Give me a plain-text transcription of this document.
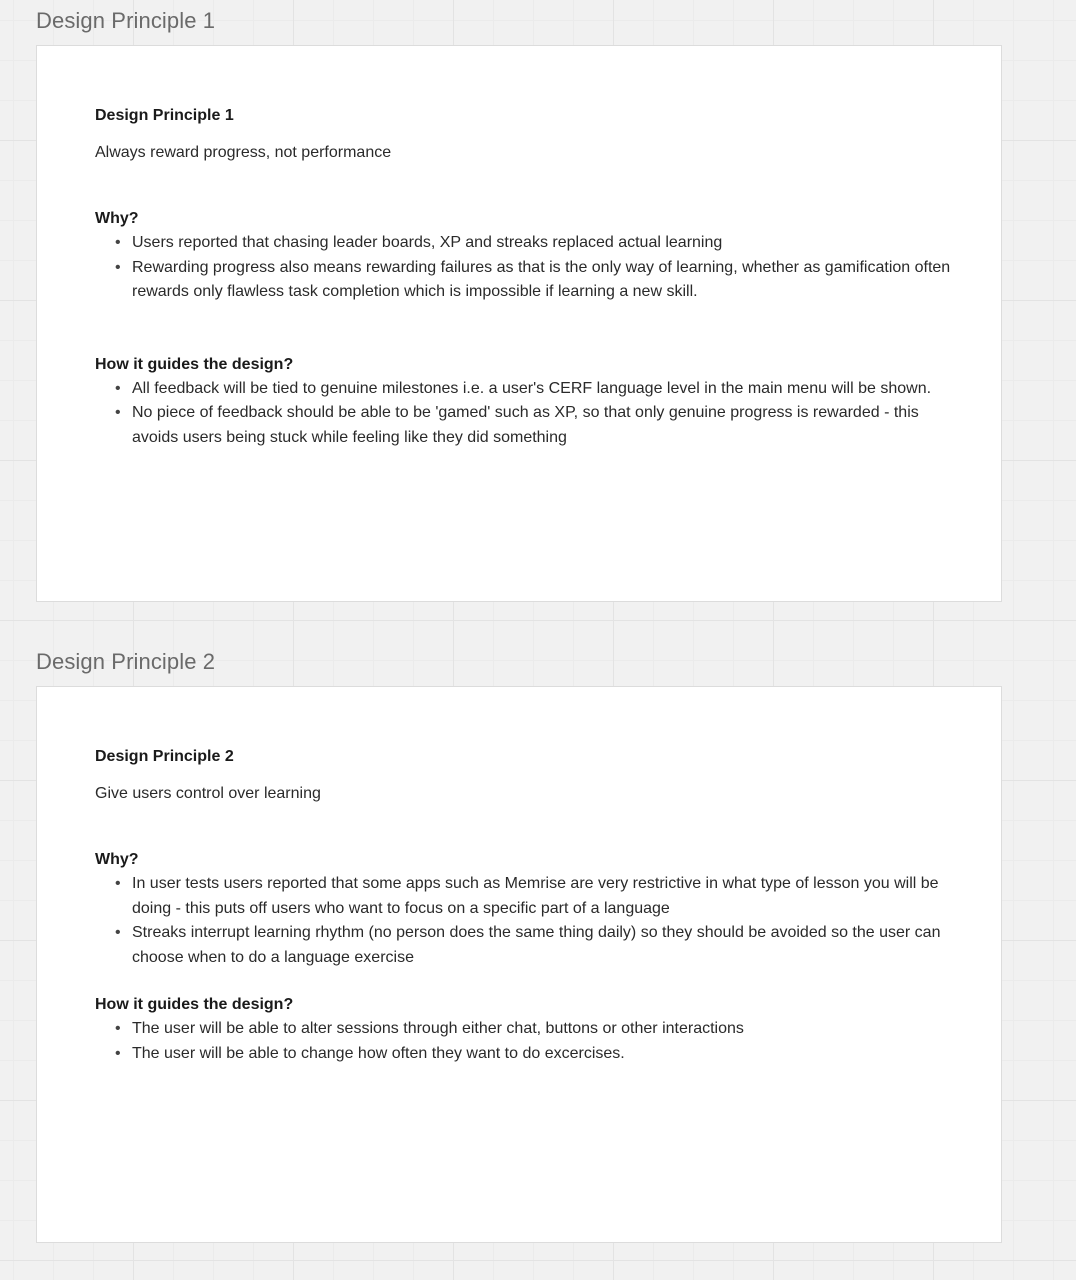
Design Principle 1

Design Principle 1

Always reward progress, not performance

Why?

• Users reported that chasing leader boards, XP and streaks replaced actual learning
• Rewarding progress also means rewarding failures as that is the only way of learning, whether as gamification often rewards only flawless task completion which is impossible if learning a new skill.

How it guides the design?

• All feedback will be tied to genuine milestones i.e. a user's CERF language level in the main menu will be shown.
• No piece of feedback should be able to be 'gamed' such as XP, so that only genuine progress is rewarded - this avoids users being stuck while feeling like they did something
Design Principle 2

Design Principle 2

Give users control over learning

Why?

• In user tests users reported that some apps such as Memrise are very restrictive in what type of lesson you will be doing - this puts off users who want to focus on a specific part of a language
• Streaks interrupt learning rhythm (no person does the same thing daily) so they should be avoided so the user can choose when to do a language exercise

How it guides the design?

• The user will be able to alter sessions through either chat, buttons or other interactions
• The user will be able to change how often they want to do excercises.
